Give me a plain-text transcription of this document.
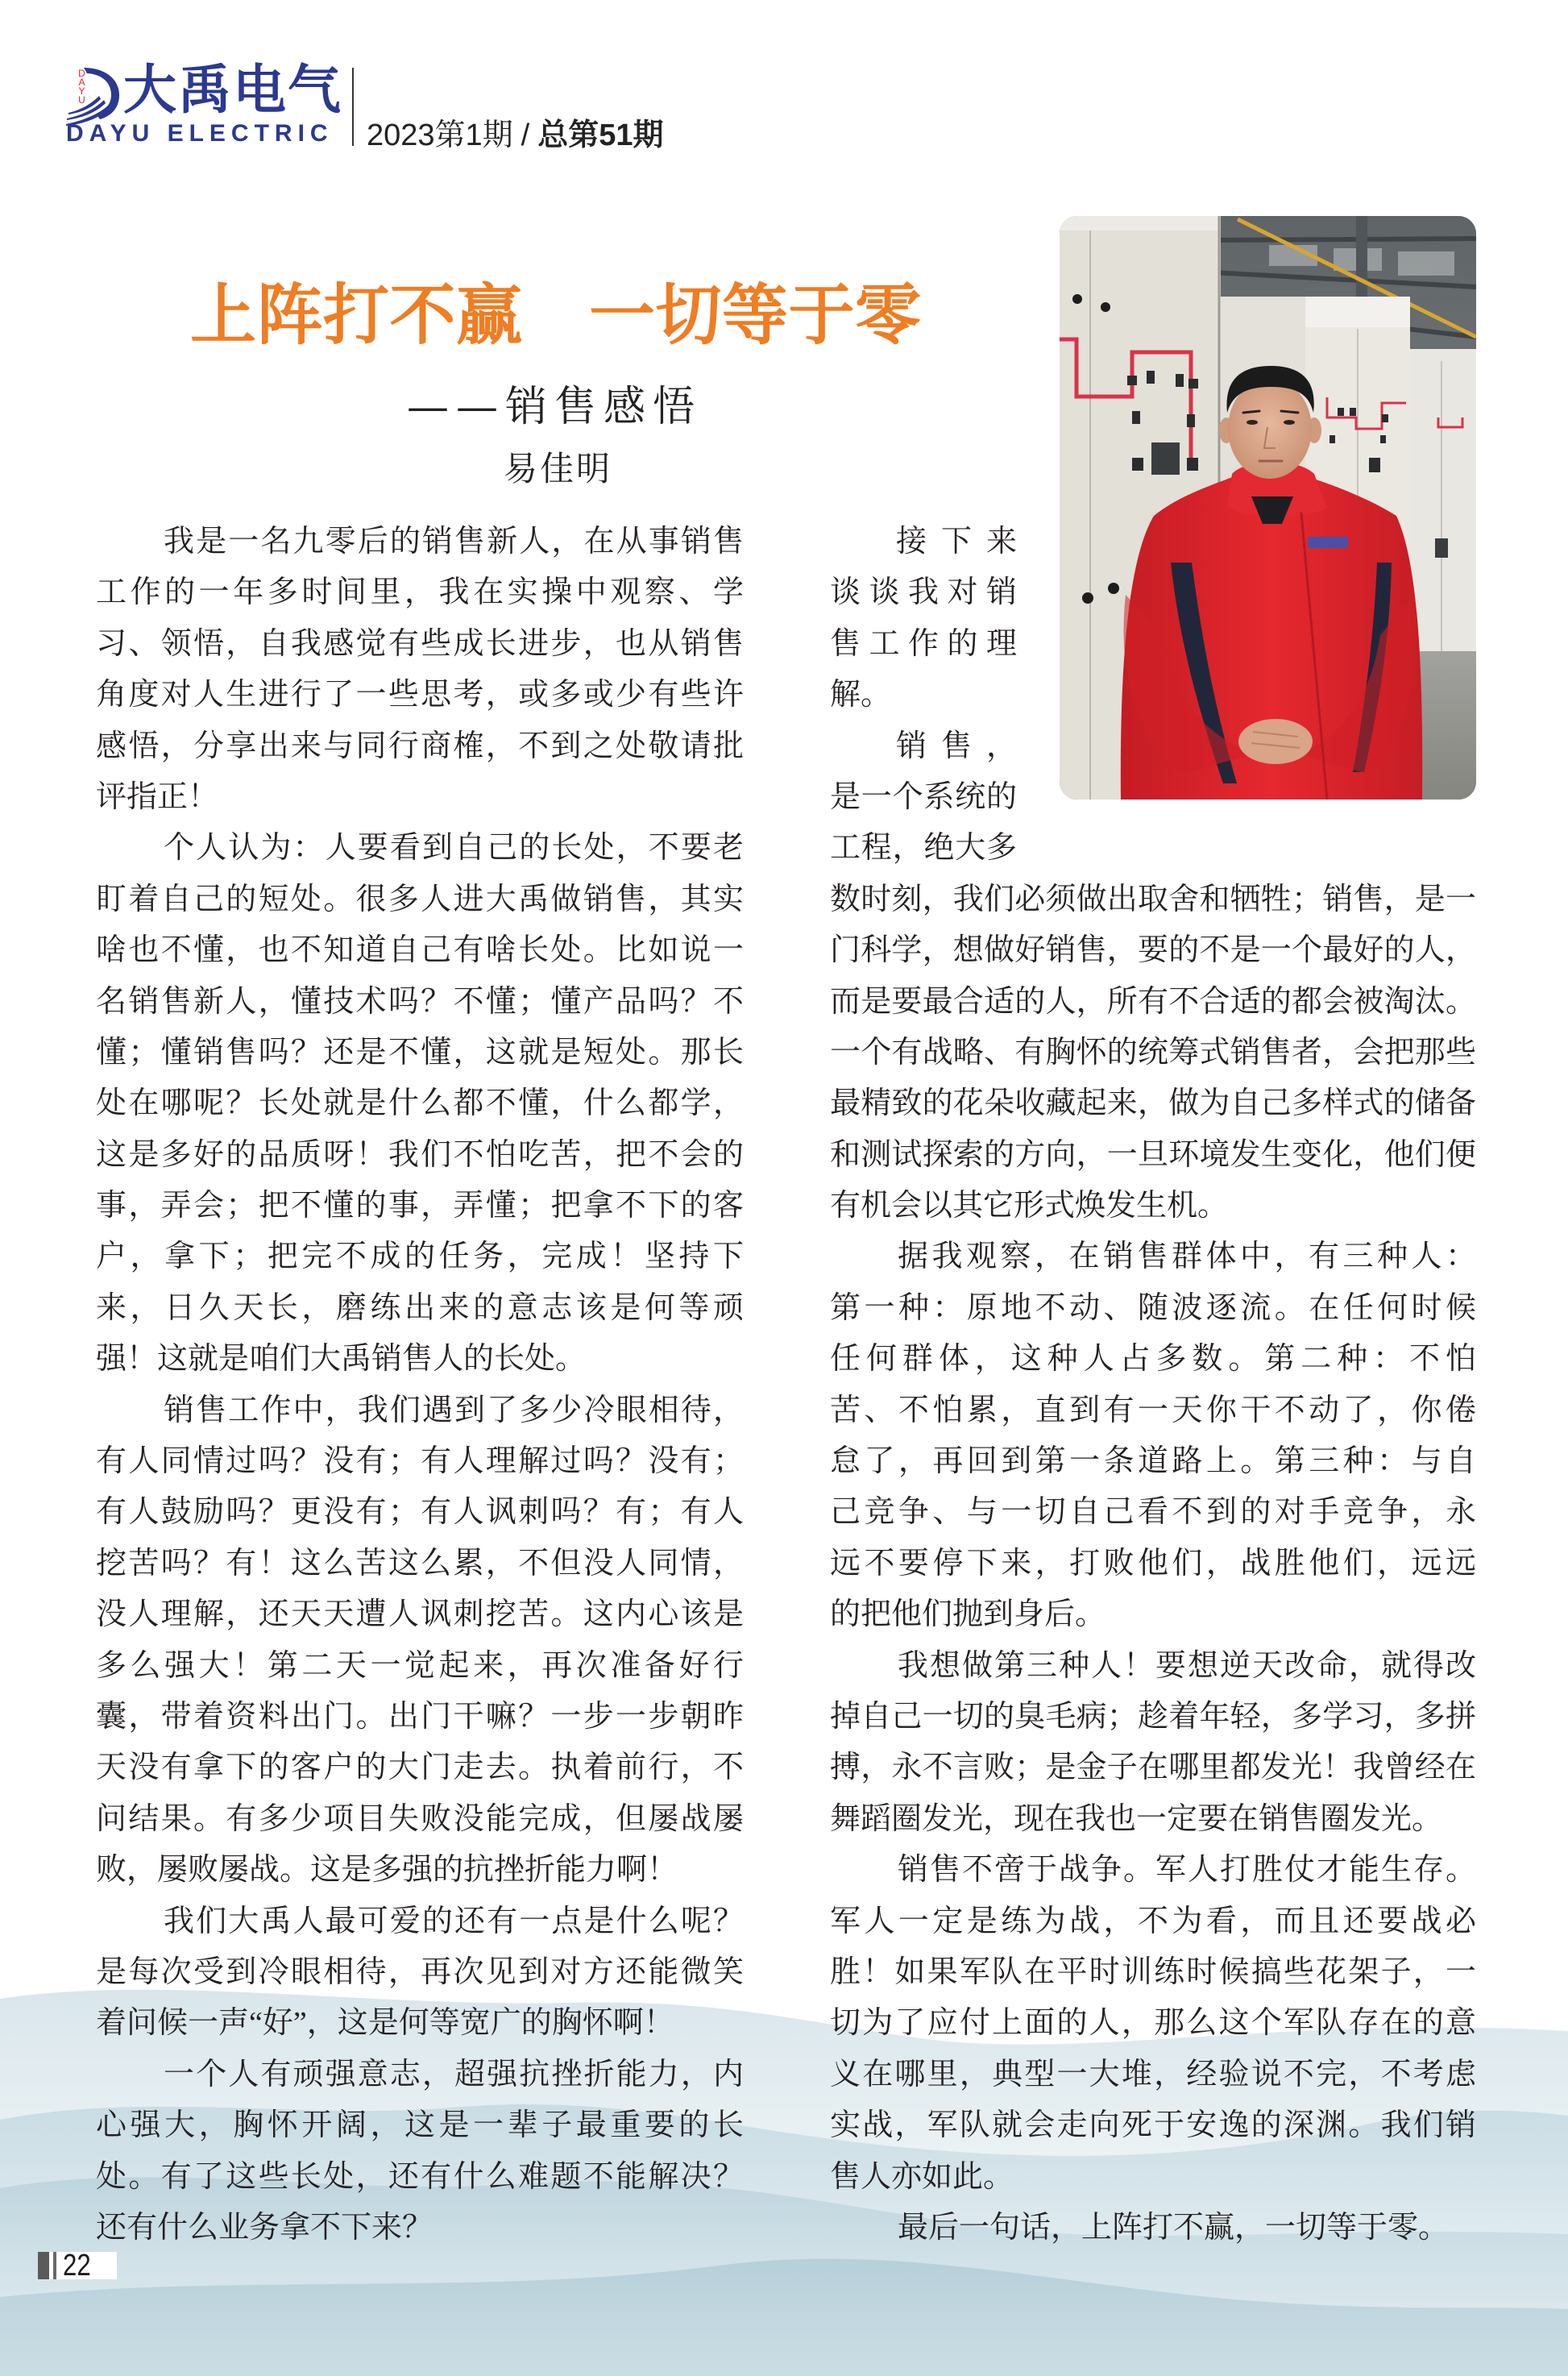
DAYU 大禹电气
DAYU ELECTRIC 2023第1期 / 总第51期
上阵打不赢　一切等于零
——销售感悟
易佳明
我是一名九零后的销售新人，在从事销售
工作的一年多时间里，我在实操中观察、学
习、领悟，自我感觉有些成长进步，也从销售
角度对人生进行了一些思考，或多或少有些许
感悟，分享出来与同行商榷，不到之处敬请批
评指正！
个人认为：人要看到自己的长处，不要老
盯着自己的短处。很多人进大禹做销售，其实
啥也不懂，也不知道自己有啥长处。比如说一
名销售新人，懂技术吗？不懂；懂产品吗？不
懂；懂销售吗？还是不懂，这就是短处。那长
处在哪呢？长处就是什么都不懂，什么都学，
这是多好的品质呀！我们不怕吃苦，把不会的
事，弄会；把不懂的事，弄懂；把拿不下的客
户，拿下；把完不成的任务，完成！坚持下
来，日久天长，磨练出来的意志该是何等顽
强！这就是咱们大禹销售人的长处。
销售工作中，我们遇到了多少冷眼相待，
有人同情过吗？没有；有人理解过吗？没有；
有人鼓励吗？更没有；有人讽刺吗？有；有人
挖苦吗？有！这么苦这么累，不但没人同情，
没人理解，还天天遭人讽刺挖苦。这内心该是
多么强大！第二天一觉起来，再次准备好行
囊，带着资料出门。出门干嘛？一步一步朝昨
天没有拿下的客户的大门走去。执着前行，不
问结果。有多少项目失败没能完成，但屡战屡
败，屡败屡战。这是多强的抗挫折能力啊！
我们大禹人最可爱的还有一点是什么呢？
是每次受到冷眼相待，再次见到对方还能微笑
着问候一声“好”，这是何等宽广的胸怀啊！
一个人有顽强意志，超强抗挫折能力，内
心强大，胸怀开阔，这是一辈子最重要的长
处。有了这些长处，还有什么难题不能解决？
还有什么业务拿不下来？
接下来
谈谈我对销
售工作的理
解。
销售，
是一个系统的
工程，绝大多
数时刻，我们必须做出取舍和牺牲；销售，是一
门科学，想做好销售，要的不是一个最好的人，
而是要最合适的人，所有不合适的都会被淘汰。
一个有战略、有胸怀的统筹式销售者，会把那些
最精致的花朵收藏起来，做为自己多样式的储备
和测试探索的方向，一旦环境发生变化，他们便
有机会以其它形式焕发生机。
据我观察，在销售群体中，有三种人：
第一种：原地不动、随波逐流。在任何时候
任何群体，这种人占多数。第二种：不怕
苦、不怕累，直到有一天你干不动了，你倦
怠了，再回到第一条道路上。第三种：与自
己竞争、与一切自己看不到的对手竞争，永
远不要停下来，打败他们，战胜他们，远远
的把他们抛到身后。
我想做第三种人！要想逆天改命，就得改
掉自己一切的臭毛病；趁着年轻，多学习，多拼
搏，永不言败；是金子在哪里都发光！我曾经在
舞蹈圈发光，现在我也一定要在销售圈发光。
销售不啻于战争。军人打胜仗才能生存。
军人一定是练为战，不为看，而且还要战必
胜！如果军队在平时训练时候搞些花架子，一
切为了应付上面的人，那么这个军队存在的意
义在哪里，典型一大堆，经验说不完，不考虑
实战，军队就会走向死于安逸的深渊。我们销
售人亦如此。
最后一句话，上阵打不赢，一切等于零。
22
